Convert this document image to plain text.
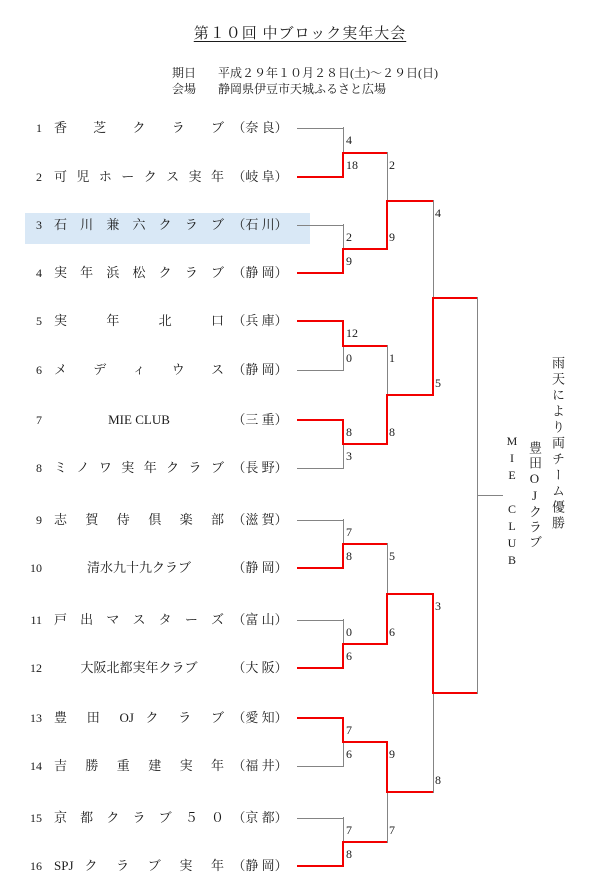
第１０回 中ブロック実年大会
期日	平成２９年１０月２８日(土)～２９日(日)
会場	静岡県伊豆市天城ふるさと広場
1 香 芝 ク ラ ブ （奈 良）
2 可 児 ホ ー ク ス 実 年 （岐 阜）
3 石 川 兼 六 ク ラ ブ （石 川）
4 実 年 浜 松 ク ラ ブ （静 岡）
5 実 年 北 口 （兵 庫）
6 メ デ ィ ウ ス （静 岡）
7	MIE CLUB	（三 重）
8 ミ ノ ワ 実 年 ク ラ ブ （長 野）
9 志 賀 侍 倶 楽 部 （滋 賀）
10	清水九十九クラブ	（静 岡）
11 戸 出 マ ス タ ー ズ （富 山）
12	大阪北都実年クラブ	（大 阪）
13 豊 田 OJ ク ラ ブ （愛 知）
14 吉 勝 重 建 実 年 （福 井）
15 京 都 ク ラ ブ ５ ０ （京 都）
16 SPJ ク ラ ブ 実 年 （静 岡）
4
18
2
9
12
0
8
3
7
8
0
6
7
6
7
8
2
9
1
8
5
6
9
7
4
5
3
8
MIE CLUB 豊田OJクラブ 雨天により両チーム優勝
